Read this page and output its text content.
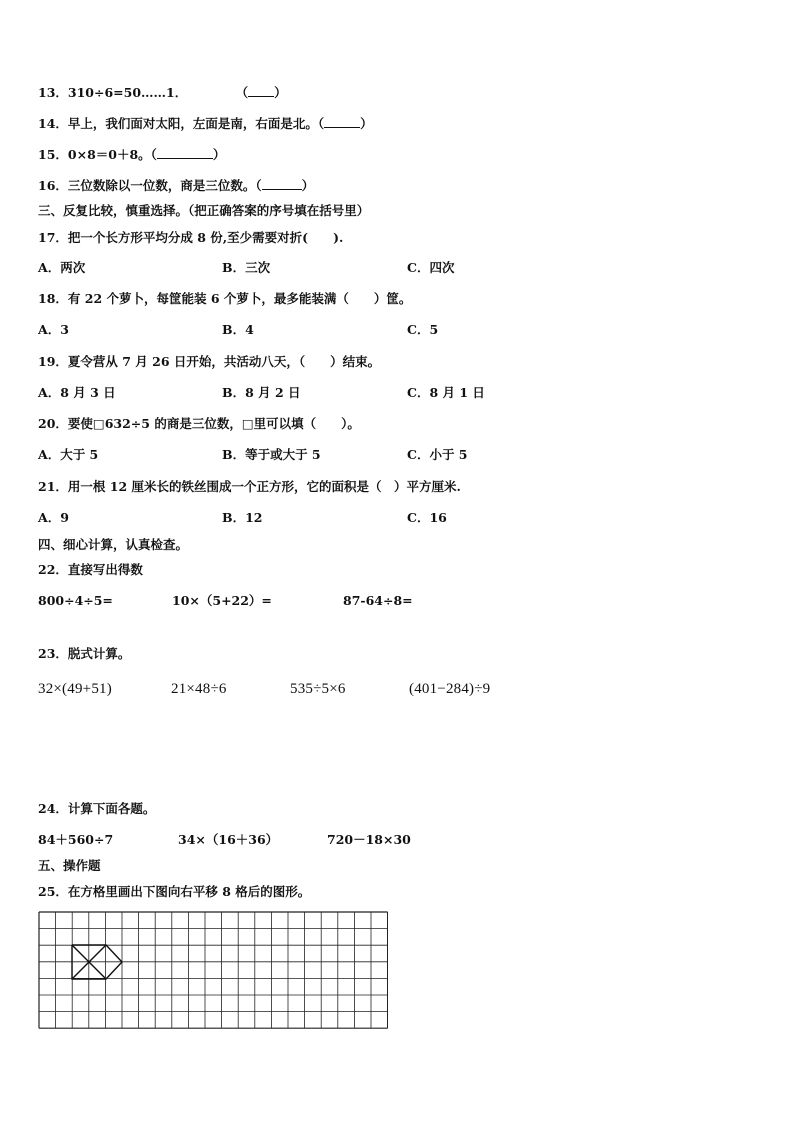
13．310÷6=50……1．	（ ）
14．早上，我们面对太阳，左面是南，右面是北。（	）
15．0×8＝0＋8。（	）
16．三位数除以一位数，商是三位数。（	）
三、反复比较，慎重选择。（把正确答案的序号填在括号里）
17．把一个长方形平均分成 8 份,至少需要对折(　　).
A．两次	B．三次	C．四次
18．有 22 个萝卜，每筐能装 6 个萝卜，最多能装满（　　）筐。
A．3	B．4	C．5
19．夏令营从 7 月 26 日开始，共活动八天，（　　）结束。
A．8 月 3 日	B．8 月 2 日	C．8 月 1 日
20．要使□632÷5 的商是三位数，□里可以填（　　）。
A．大于 5	B．等于或大于 5	C．小于 5
21．用一根 12 厘米长的铁丝围成一个正方形，它的面积是（　）平方厘米.
A．9	B．12	C．16
四、细心计算，认真检查。
22．直接写出得数
800÷4÷5=	10×（5+22）=	87-64÷8=
23．脱式计算。
32×(49+51)	21×48÷6	535÷5×6	(401−284)÷9
24．计算下面各题。
84＋560÷7	34×（16＋36）	720－18×30
五、操作题
25．在方格里画出下图向右平移 8 格后的图形。
